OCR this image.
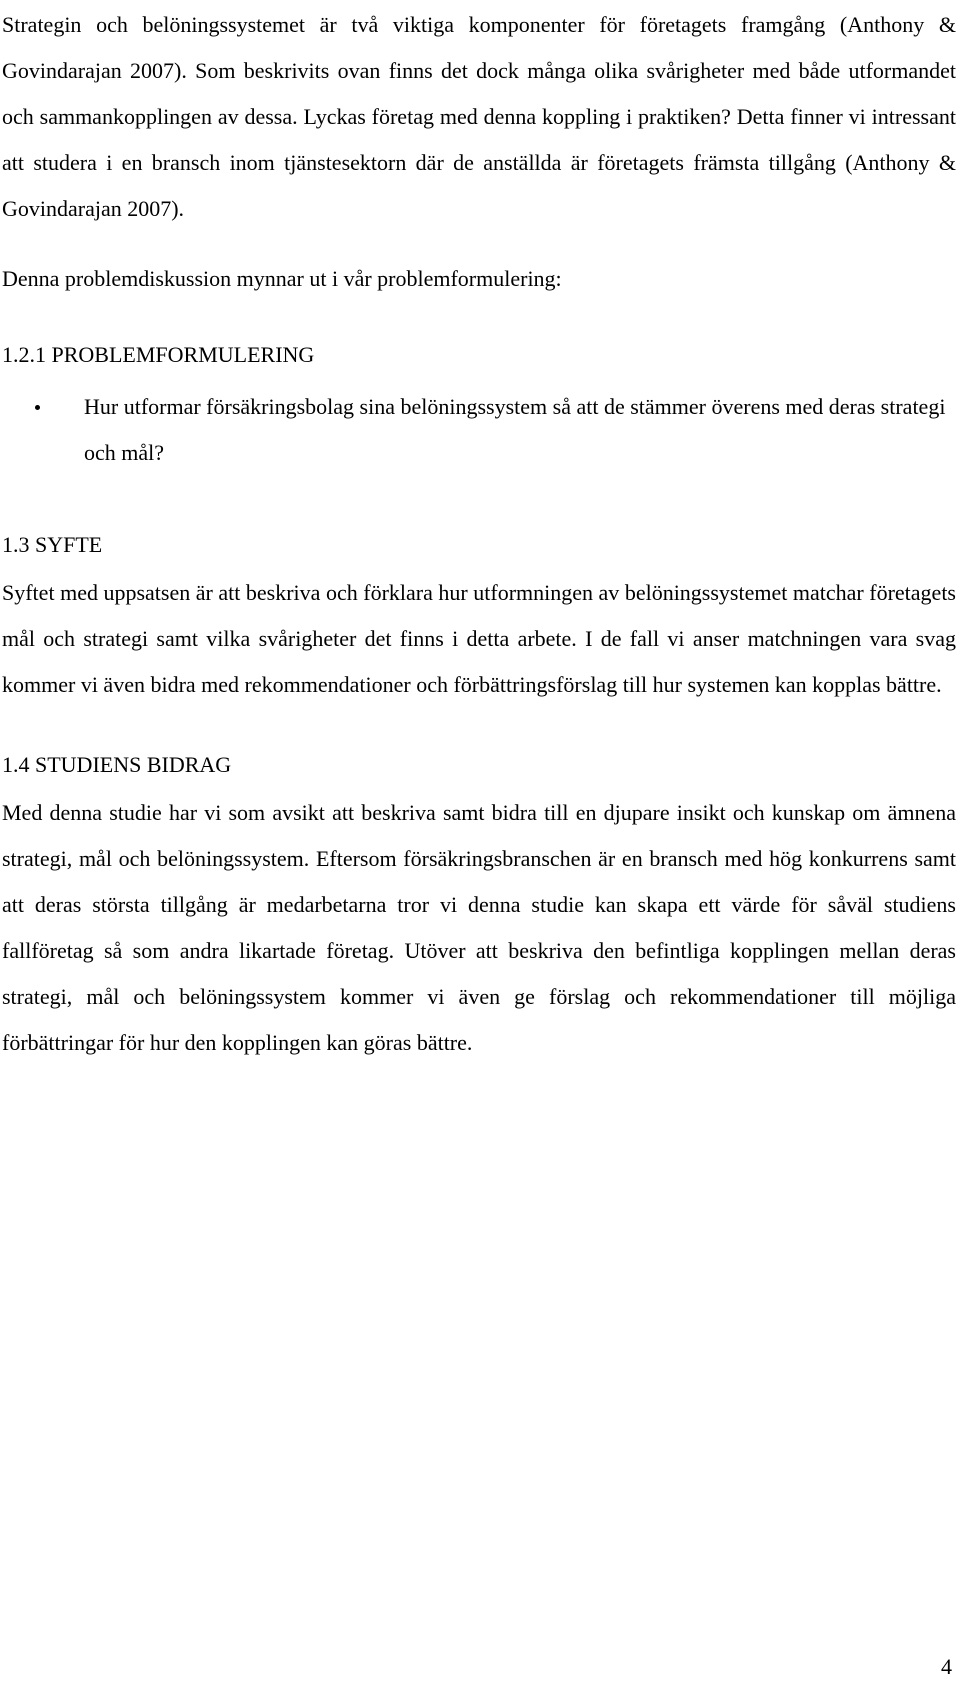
Strategin och belöningssystemet är två viktiga komponenter för företagets framgång (Anthony & Govindarajan 2007). Som beskrivits ovan finns det dock många olika svårigheter med både utformandet och sammankopplingen av dessa. Lyckas företag med denna koppling i praktiken? Detta finner vi intressant att studera i en bransch inom tjänstesektorn där de anställda är företagets främsta tillgång (Anthony & Govindarajan 2007).

Denna problemdiskussion mynnar ut i vår problemformulering:

1.2.1 PROBLEMFORMULERING
Hur utformar försäkringsbolag sina belöningssystem så att de stämmer överens med deras strategi och mål?
1.3 SYFTE

Syftet med uppsatsen är att beskriva och förklara hur utformningen av belöningssystemet matchar företagets mål och strategi samt vilka svårigheter det finns i detta arbete. I de fall vi anser matchningen vara svag kommer vi även bidra med rekommendationer och förbättringsförslag till hur systemen kan kopplas bättre.

1.4 STUDIENS BIDRAG

Med denna studie har vi som avsikt att beskriva samt bidra till en djupare insikt och kunskap om ämnena strategi, mål och belöningssystem. Eftersom försäkringsbranschen är en bransch med hög konkurrens samt att deras största tillgång är medarbetarna tror vi denna studie kan skapa ett värde för såväl studiens fallföretag så som andra likartade företag. Utöver att beskriva den befintliga kopplingen mellan deras strategi, mål och belöningssystem kommer vi även ge förslag och rekommendationer till möjliga förbättringar för hur den kopplingen kan göras bättre.

4
